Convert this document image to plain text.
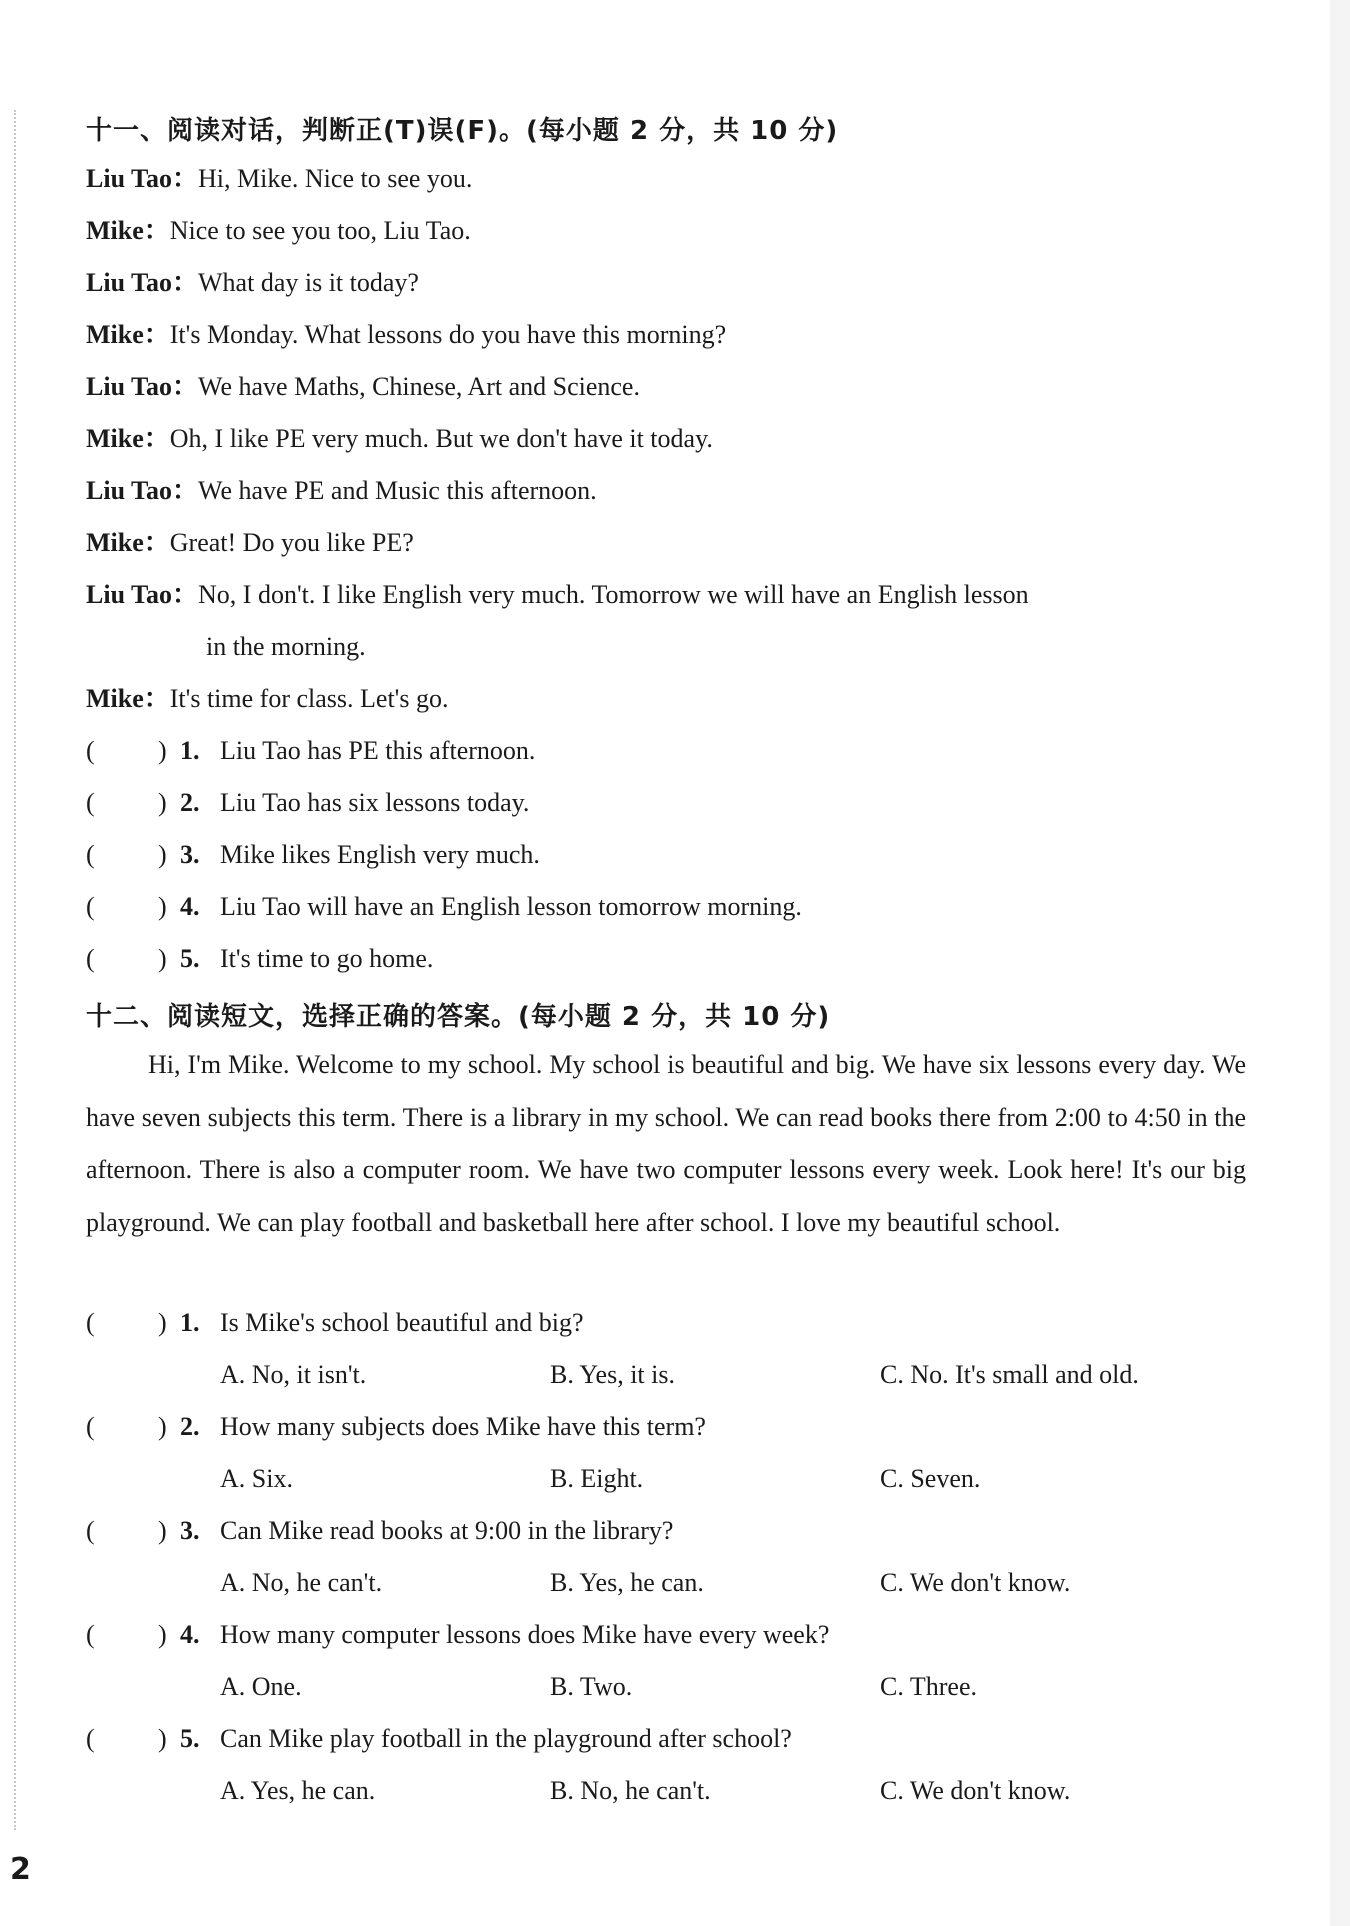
十一、阅读对话，判断正(T)误(F)。(每小题 2 分，共 10 分)
Liu Tao：Hi, Mike. Nice to see you.
Mike：Nice to see you too, Liu Tao.
Liu Tao：What day is it today?
Mike：It's Monday. What lessons do you have this morning?
Liu Tao：We have Maths, Chinese, Art and Science.
Mike：Oh, I like PE very much. But we don't have it today.
Liu Tao：We have PE and Music this afternoon.
Mike：Great! Do you like PE?
Liu Tao：No, I don't. I like English very much. Tomorrow we will have an English lesson
in the morning.
Mike：It's time for class. Let's go.
( ) 1. Liu Tao has PE this afternoon.
( ) 2. Liu Tao has six lessons today.
( ) 3. Mike likes English very much.
( ) 4. Liu Tao will have an English lesson tomorrow morning.
( ) 5. It's time to go home.
十二、阅读短文，选择正确的答案。(每小题 2 分，共 10 分)
Hi, I'm Mike. Welcome to my school. My school is beautiful and big. We have six lessons every day. We have seven subjects this term. There is a library in my school. We can read books there from 2:00 to 4:50 in the afternoon. There is also a computer room. We have two computer lessons every week. Look here! It's our big playground. We can play football and basketball here after school. I love my beautiful school.
( ) 1. Is Mike's school beautiful and big?
A. No, it isn't.	B. Yes, it is.	C. No. It's small and old.
( ) 2. How many subjects does Mike have this term?
A. Six.	B. Eight.	C. Seven.
( ) 3. Can Mike read books at 9:00 in the library?
A. No, he can't.	B. Yes, he can.	C. We don't know.
( ) 4. How many computer lessons does Mike have every week?
A. One.	B. Two.	C. Three.
( ) 5. Can Mike play football in the playground after school?
A. Yes, he can.	B. No, he can't.	C. We don't know.
2
